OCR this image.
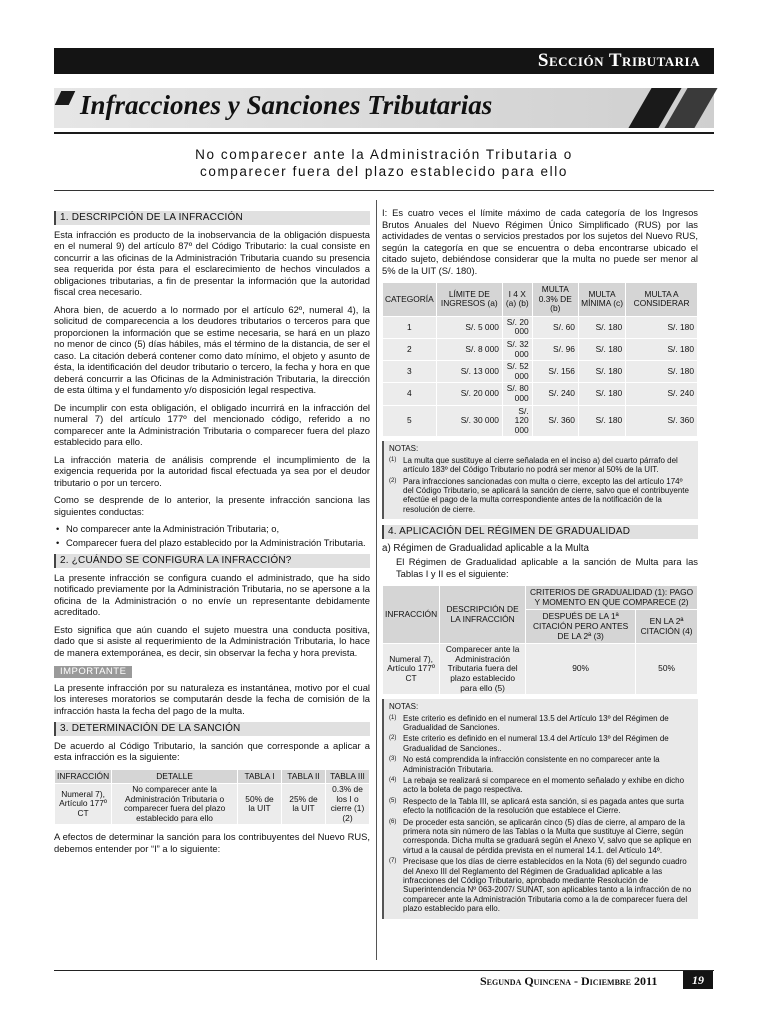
Sección Tributaria
Infracciones y Sanciones Tributarias
No comparecer ante la Administración Tributaria o
comparecer fuera del plazo establecido para ello
1. DESCRIPCIÓN DE LA INFRACCIÓN

Esta infracción es producto de la inobservancia de la obligación dispuesta en el numeral 9) del artículo 87º del Código Tributario: la cual consiste en concurrir a las oficinas de la Administración Tributaria cuando su presencia sea requerida por ésta para el esclarecimiento de hechos vinculados a obligaciones tributarias, a fin de presentar la información que la autoridad fiscal crea necesario.

Ahora bien, de acuerdo a lo normado por el artículo 62º, numeral 4), la solicitud de comparecencia a los deudores tributarios o terceros para que proporcionen la información que se estime necesaria, se hará en un plazo no menor de cinco (5) días hábiles, más el término de la distancia, de ser el caso. La citación deberá contener como dato mínimo, el objeto y asunto de ésta, la identificación del deudor tributario o tercero, la fecha y hora en que deberá concurrir a las Oficinas de la Administración Tributaria, la dirección de esta última y el fundamento y/o disposición legal respectiva.

De incumplir con esta obligación, el obligado incurrirá en la infracción del numeral 7) del artículo 177º del mencionado código, referido a no comparecer ante la Administración Tributaria o comparecer fuera del plazo establecido para ello.

La infracción materia de análisis comprende el incumplimiento de la exigencia requerida por la autoridad fiscal efectuada ya sea por el deudor tributario o por un tercero.

Como se desprende de lo anterior, la presente infracción sanciona las siguientes conductas:

• No comparecer ante la Administración Tributaria; o,
• Comparecer fuera del plazo establecido por la Administración Tributaria.
2. ¿CUÁNDO SE CONFIGURA LA INFRACCIÓN?

La presente infracción se configura cuando el administrado, que ha sido notificado previamente por la Administración Tributaria, no se apersone a la oficina de la Administración o no envíe un representante debidamente acreditado.

Esto significa que aún cuando el sujeto muestra una conducta positiva, dado que si asiste al requerimiento de la Administración Tributaria, lo hace de manera extemporánea, es decir, sin observar la fecha y hora prevista.

IMPORTANTE

La presente infracción por su naturaleza es instantánea, motivo por el cual los intereses moratorios se computarán desde la fecha de comisión de la infracción hasta la fecha del pago de la multa.

3. DETERMINACIÓN DE LA SANCIÓN

De acuerdo al Código Tributario, la sanción que corresponde a aplicar a esta infracción es la siguiente:

INFRACCIÓN	DETALLE	TABLA I	TABLA II	TABLA III
Numeral 7), Artículo 177º CT	No comparecer ante la Administración Tributaria o comparecer fuera del plazo establecido para ello	50% de la UIT	25% de la UIT	0.3% de los I o cierre (1) (2)

A efectos de determinar la sanción para los contribuyentes del Nuevo RUS, debemos entender por “I” a lo siguiente:

I: Es cuatro veces el límite máximo de cada categoría de los Ingresos Brutos Anuales del Nuevo Régimen Único Simplificado (RUS) por las actividades de ventas o servicios prestados por los sujetos del Nuevo RUS, según la categoría en que se encuentra o deba encontrarse ubicado el citado sujeto, debiéndose considerar que la multa no puede ser menor al 5% de la UIT (S/. 180).

CATEGORÍA	LÍMITE DE INGRESOS (a)	I 4 X (a) (b)	MULTA 0.3% DE (b)	MULTA MÍNIMA (c)	MULTA A CONSIDERAR
1	S/. 5 000	S/. 20 000	S/. 60	S/. 180	S/. 180
2	S/. 8 000	S/. 32 000	S/. 96	S/. 180	S/. 180
3	S/. 13 000	S/. 52 000	S/. 156	S/. 180	S/. 180
4	S/. 20 000	S/. 80 000	S/. 240	S/. 180	S/. 240
5	S/. 30 000	S/. 120 000	S/. 360	S/. 180	S/. 360
NOTAS:
(1) La multa que sustituye al cierre señalada en el inciso a) del cuarto párrafo del artículo 183º del Código Tributario no podrá ser menor al 50% de la UIT.
(2) Para infracciones sancionadas con multa o cierre, excepto las del artículo 174º del Código Tributario, se aplicará la sanción de cierre, salvo que el contribuyente efectúe el pago de la multa correspondiente antes de la notificación de la resolución de cierre.
4. APLICACIÓN DEL RÉGIMEN DE GRADUALIDAD
a) Régimen de Gradualidad aplicable a la Multa

El Régimen de Gradualidad aplicable a la sanción de Multa para las Tablas I y II es el siguiente:

INFRACCIÓN	DESCRIPCIÓN DE LA INFRACCIÓN	CRITERIOS DE GRADUALIDAD (1): PAGO Y MOMENTO EN QUE COMPARECE (2)	
		DESPUÉS DE LA 1ª CITACIÓN PERO ANTES DE LA 2ª (3)	EN LA 2ª CITACIÓN (4)
Numeral 7), Artículo 177º CT	Comparecer ante la Administración Tributaria fuera del plazo establecido para ello (5)	90%	50%
NOTAS:
(1) Este criterio es definido en el numeral 13.5 del Artículo 13º del Régimen de Gradualidad de Sanciones.
(2) Este criterio es definido en el numeral 13.4 del Artículo 13º del Régimen de Gradualidad de Sanciones..
(3) No está comprendida la infracción consistente en no comparecer ante la Administración Tributaria.
(4) La rebaja se realizará si comparece en el momento señalado y exhibe en dicho acto la boleta de pago respectiva.
(5) Respecto de la Tabla III, se aplicará esta sanción, si es pagada antes que surta efecto la notificación de la resolución que establece el Cierre.
(6) De proceder esta sanción, se aplicarán cinco (5) días de cierre, al amparo de la primera nota sin número de las Tablas o la Multa que sustituye al Cierre, según corresponda. Dicha multa se graduará según el Anexo V, salvo que se aplique en virtud a la causal de pérdida prevista en el numeral 14.1. del Artículo 14º.
(7) Precisase que los días de cierre establecidos en la Nota (6) del segundo cuadro del Anexo III del Reglamento del Régimen de Gradualidad aplicable a las infracciones del Código Tributario, aprobado mediante Resolución de Superintendencia Nº 063-2007/ SUNAT, son aplicables tanto a la infracción de no comparecer ante la Administración Tributaria como a la de comparecer fuera del plazo establecido para ello.
Segunda Quincena - Diciembre 2011	19
